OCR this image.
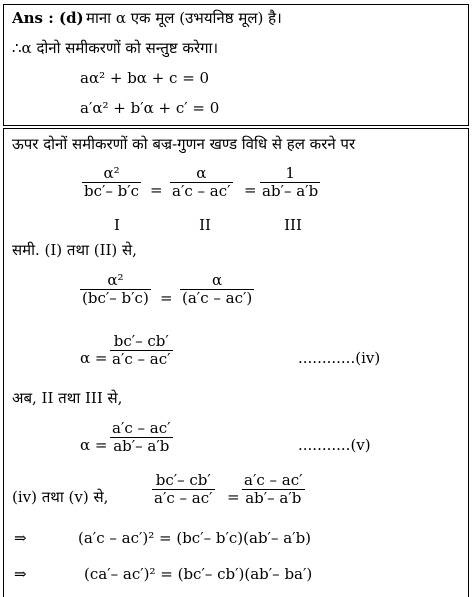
Ans : (d) माना α एक मूल (उभयनिष्ठ मूल) है।
∴α दोनो समीकरणों को सन्तुष्ट करेगा।
aα² + bα + c = 0
a′α² + b′α + c′ = 0
ऊपर दोनों समीकरणों को बज्र-गुणन खण्ड विधि से हल करने पर
$\frac{\text{α²}}{bc'- b'c} = \frac{\alpha}{a'c - ac'} = \frac{1}{ab'- a'b}$
I	II	III
समी. (I) तथा (II) से,
$\frac{\text{α²}}{(bc'- b'c)} = \frac{\alpha}{(a'c - ac')}$
$\alpha = \frac{bc'- cb'}{a'c - ac'}$	............(iv)
अब, II तथा III से,
$\alpha = \frac{a'c - ac'}{ab'- a'b}$	...........(v)
(iv) तथा (v) से,	$\frac{bc'- cb'}{a'c - ac'} = \frac{a'c - ac'}{ab'- a'b}$
⇒	(a′c – ac′)² = (bc′– b′c)(ab′– a′b)
⇒	(ca′– ac′)² = (bc′– cb′)(ab′– ba′)
